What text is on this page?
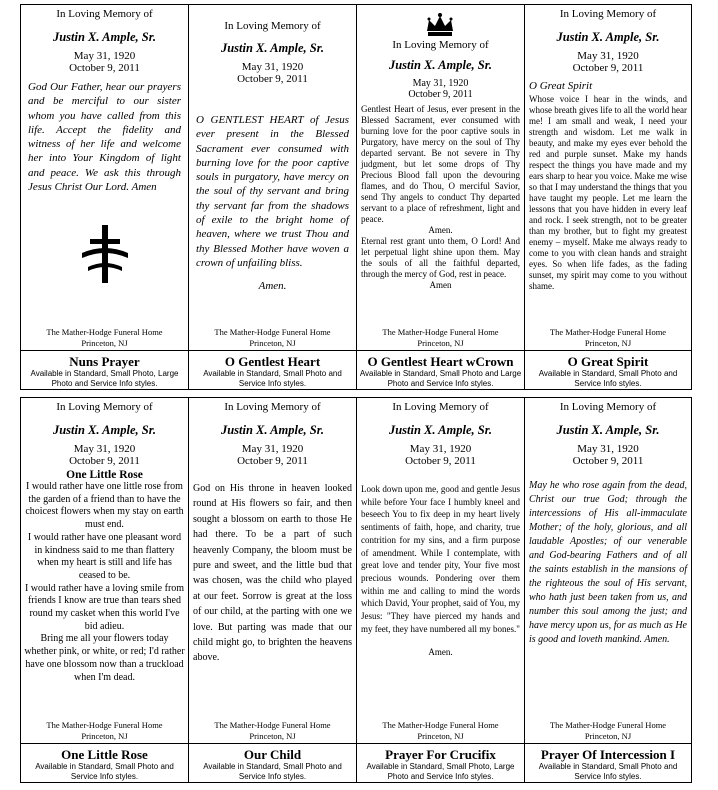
In Loving Memory of
Justin X. Ample, Sr.
May 31, 1920
October 9, 2011
God Our Father, hear our prayers and be merciful to our sister whom you have called from this life. Accept the fidelity and witness of her life and welcome her into Your Kingdom of light and peace. We ask this through Jesus Christ Our Lord. Amen
The Mather-Hodge Funeral Home
Princeton, NJ
Nuns Prayer
Available in Standard, Small Photo, Large Photo and Service Info styles.
In Loving Memory of
Justin X. Ample, Sr.
May 31, 1920
October 9, 2011
O GENTLEST HEART of Jesus ever present in the Blessed Sacrament ever consumed with burning love for the poor captive souls in purgatory, have mercy on the soul of thy servant and bring thy servant far from the shadows of exile to the bright home of heaven, where we trust Thou and thy Blessed Mother have woven a crown of unfailing bliss.
Amen.
The Mather-Hodge Funeral Home
Princeton, NJ
O Gentlest Heart
Available in Standard, Small Photo and Service Info styles.
In Loving Memory of
Justin X. Ample, Sr.
May 31, 1920
October 9, 2011
Gentlest Heart of Jesus, ever present in the Blessed Sacrament, ever consumed with burning love for the poor captive souls in Purgatory, have mercy on the soul of Thy departed servant. Be not severe in Thy judgment, but let some drops of Thy Precious Blood fall upon the devouring flames, and do Thou, O merciful Savior, send Thy angels to conduct Thy departed servant to a place of refreshment, light and peace.
Amen.
Eternal rest grant unto them, O Lord! And let perpetual light shine upon them. May the souls of all the faithful departed, through the mercy of God, rest in peace.
Amen
The Mather-Hodge Funeral Home
Princeton, NJ
O Gentlest Heart wCrown
Available in Standard, Small Photo and Large Photo and Service Info styles.
In Loving Memory of
Justin X. Ample, Sr.
May 31, 1920
October 9, 2011
O Great Spirit
Whose voice I hear in the winds, and whose breath gives life to all the world hear me! I am small and weak, I need your strength and wisdom. Let me walk in beauty, and make my eyes ever behold the red and purple sunset. Make my hands respect the things you have made and my ears sharp to hear you voice. Make me wise so that I may understand the things that you have taught my people. Let me learn the lessons that you have hidden in every leaf and rock. I seek strength, not to be greater than my brother, but to fight my greatest enemy – myself. Make me always ready to come to you with clean hands and straight eyes. So when life fades, as the fading sunset, my spirit may come to you without shame.
The Mather-Hodge Funeral Home
Princeton, NJ
O Great Spirit
Available in Standard, Small Photo and Service Info styles.
In Loving Memory of
Justin X. Ample, Sr.
May 31, 1920
October 9, 2011
One Little Rose
I would rather have one little rose from the garden of a friend than to have the choicest flowers when my stay on earth must end.
I would rather have one pleasant word in kindness said to me than flattery when my heart is still and life has ceased to be.
I would rather have a loving smile from friends I know are true than tears shed round my casket when this world I've bid adieu.
Bring me all your flowers today whether pink, or white, or red; I'd rather have one blossom now than a truckload when I'm dead.
The Mather-Hodge Funeral Home
Princeton, NJ
One Little Rose
Available in Standard, Small Photo and Service Info styles.
In Loving Memory of
Justin X. Ample, Sr.
May 31, 1920
October 9, 2011
God on His throne in heaven looked round at His flowers so fair, and then sought a blossom on earth to those He had there. To be a part of such heavenly Company, the bloom must be pure and sweet, and the little bud that was chosen, was the child who played at our feet. Sorrow is great at the loss of our child, at the parting with one we love. But parting was made that our child might go, to brighten the heavens above.
The Mather-Hodge Funeral Home
Princeton, NJ
Our Child
Available in Standard, Small Photo and Service Info styles.
In Loving Memory of
Justin X. Ample, Sr.
May 31, 1920
October 9, 2011
Look down upon me, good and gentle Jesus while before Your face I humbly kneel and beseech You to fix deep in my heart lively sentiments of faith, hope, and charity, true contrition for my sins, and a firm purpose of amendment. While I contemplate, with great love and tender pity, Your five most precious wounds. Pondering over them within me and calling to mind the words which David, Your prophet, said of You, my Jesus: "They have pierced my hands and my feet, they have numbered all my bones."
Amen.
The Mather-Hodge Funeral Home
Princeton, NJ
Prayer For Crucifix
Available in Standard, Small Photo, Large Photo and Service Info styles.
In Loving Memory of
Justin X. Ample, Sr.
May 31, 1920
October 9, 2011
May he who rose again from the dead, Christ our true God; through the intercessions of His all-immaculate Mother; of the holy, glorious, and all laudable Apostles; of our venerable and God-bearing Fathers and of all the saints establish in the mansions of the righteous the soul of His servant, who hath just been taken from us, and number this soul among the just; and have mercy upon us, for as much as He is good and loveth mankind. Amen.
The Mather-Hodge Funeral Home
Princeton, NJ
Prayer Of Intercession I
Available in Standard, Small Photo and Service Info styles.
